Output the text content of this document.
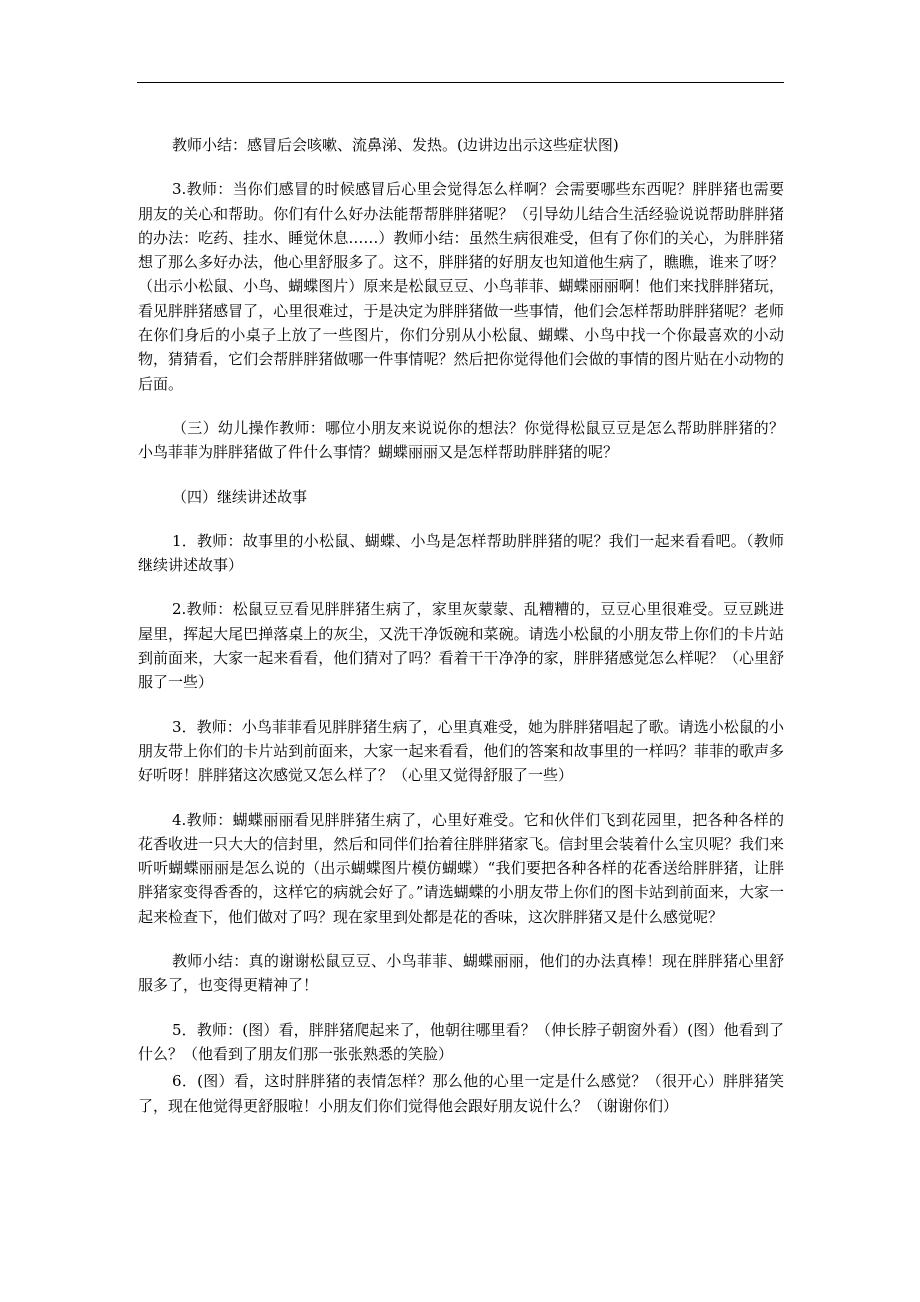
教师小结：感冒后会咳嗽、流鼻涕、发热。(边讲边出示这些症状图)

3.教师：当你们感冒的时候感冒后心里会觉得怎么样啊？会需要哪些东西呢？胖胖猪也需要朋友的关心和帮助。你们有什么好办法能帮帮胖胖猪呢？（引导幼儿结合生活经验说说帮助胖胖猪的办法：吃药、挂水、睡觉休息……）教师小结：虽然生病很难受，但有了你们的关心，为胖胖猪想了那么多好办法，他心里舒服多了。这不，胖胖猪的好朋友也知道他生病了，瞧瞧，谁来了呀？（出示小松鼠、小鸟、蝴蝶图片）原来是松鼠豆豆、小鸟菲菲、蝴蝶丽丽啊！他们来找胖胖猪玩，看见胖胖猪感冒了，心里很难过，于是决定为胖胖猪做一些事情，他们会怎样帮助胖胖猪呢？老师在你们身后的小桌子上放了一些图片，你们分别从小松鼠、蝴蝶、小鸟中找一个你最喜欢的小动物，猜猜看，它们会帮胖胖猪做哪一件事情呢？然后把你觉得他们会做的事情的图片贴在小动物的后面。

（三）幼儿操作教师：哪位小朋友来说说你的想法？你觉得松鼠豆豆是怎么帮助胖胖猪的？小鸟菲菲为胖胖猪做了件什么事情？蝴蝶丽丽又是怎样帮助胖胖猪的呢？

（四）继续讲述故事

1．教师：故事里的小松鼠、蝴蝶、小鸟是怎样帮助胖胖猪的呢？我们一起来看看吧。（教师继续讲述故事）

2.教师：松鼠豆豆看见胖胖猪生病了，家里灰蒙蒙、乱糟糟的，豆豆心里很难受。豆豆跳进屋里，挥起大尾巴掸落桌上的灰尘，又洗干净饭碗和菜碗。请选小松鼠的小朋友带上你们的卡片站到前面来，大家一起来看看，他们猜对了吗？看着干干净净的家，胖胖猪感觉怎么样呢？（心里舒服了一些）

3．教师：小鸟菲菲看见胖胖猪生病了，心里真难受，她为胖胖猪唱起了歌。请选小松鼠的小朋友带上你们的卡片站到前面来，大家一起来看看，他们的答案和故事里的一样吗？菲菲的歌声多好听呀！胖胖猪这次感觉又怎么样了？（心里又觉得舒服了一些）

4.教师：蝴蝶丽丽看见胖胖猪生病了，心里好难受。它和伙伴们飞到花园里，把各种各样的花香收进一只大大的信封里，然后和同伴们抬着往胖胖猪家飞。信封里会装着什么宝贝呢？我们来听听蝴蝶丽丽是怎么说的（出示蝴蝶图片模仿蝴蝶）“我们要把各种各样的花香送给胖胖猪，让胖胖猪家变得香香的，这样它的病就会好了。”请选蝴蝶的小朋友带上你们的图卡站到前面来，大家一起来检查下，他们做对了吗？现在家里到处都是花的香味，这次胖胖猪又是什么感觉呢？

教师小结：真的谢谢松鼠豆豆、小鸟菲菲、蝴蝶丽丽，他们的办法真棒！现在胖胖猪心里舒服多了，也变得更精神了！

5．教师：(图）看，胖胖猪爬起来了，他朝往哪里看？（伸长脖子朝窗外看）(图）他看到了什么？（他看到了朋友们那一张张熟悉的笑脸）

6．(图）看，这时胖胖猪的表情怎样？那么他的心里一定是什么感觉？（很开心）胖胖猪笑了，现在他觉得更舒服啦！小朋友们你们觉得他会跟好朋友说什么？（谢谢你们）
